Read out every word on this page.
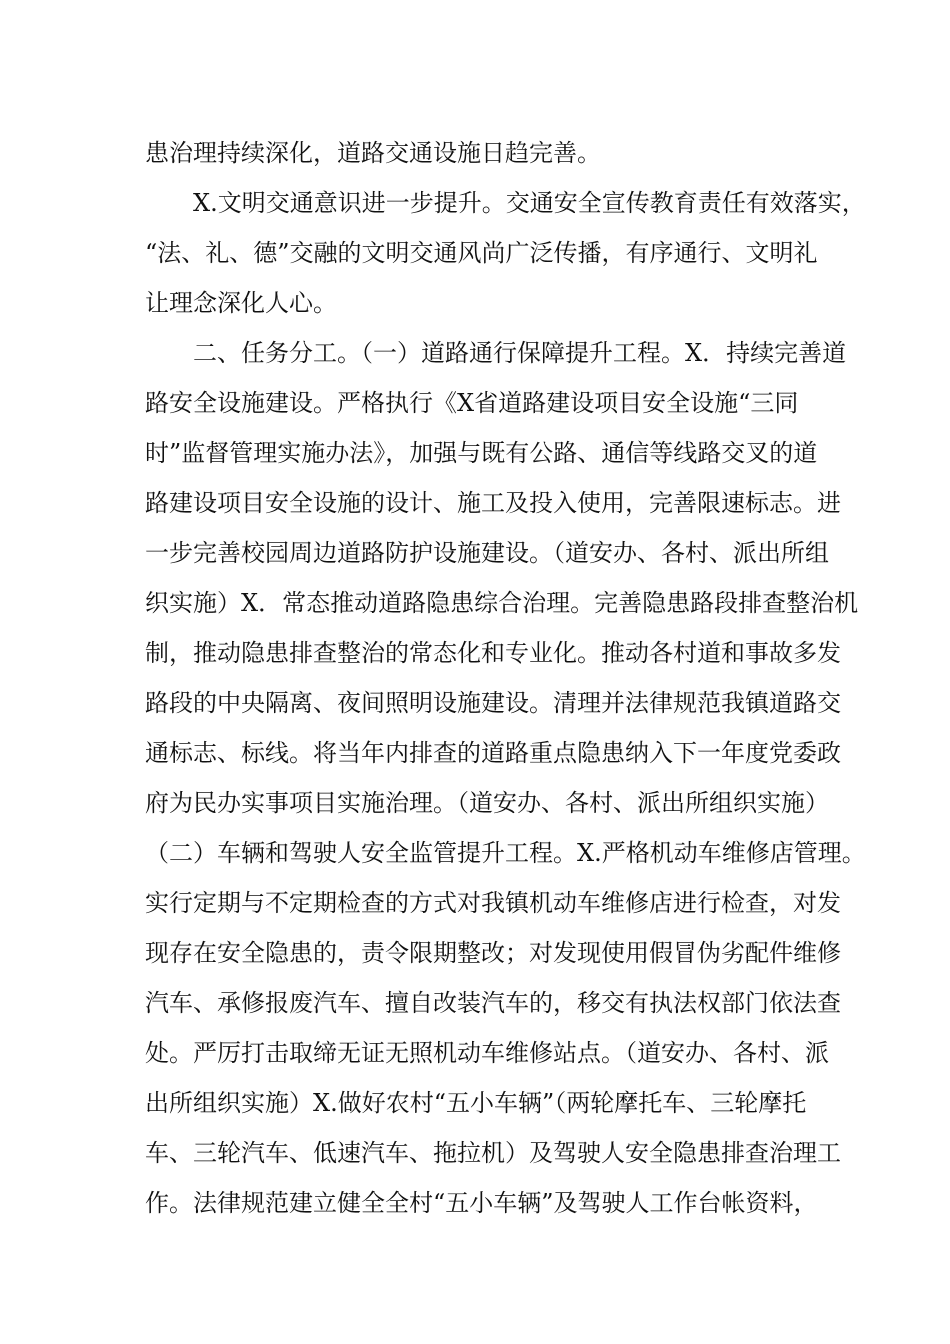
患治理持续深化，道路交通设施日趋完善。
X.文明交通意识进一步提升。交通安全宣传教育责任有效落实，
“法、礼、德”交融的文明交通风尚广泛传播，有序通行、文明礼
让理念深化人心。
二、任务分工。（一）道路通行保障提升工程。X．持续完善道
路安全设施建设。严格执行《X省道路建设项目安全设施“三同
时”监督管理实施办法》，加强与既有公路、通信等线路交叉的道
路建设项目安全设施的设计、施工及投入使用，完善限速标志。进
一步完善校园周边道路防护设施建设。（道安办、各村、派出所组
织实施）X．常态推动道路隐患综合治理。完善隐患路段排查整治机
制，推动隐患排查整治的常态化和专业化。推动各村道和事故多发
路段的中央隔离、夜间照明设施建设。清理并法律规范我镇道路交
通标志、标线。将当年内排查的道路重点隐患纳入下一年度党委政
府为民办实事项目实施治理。（道安办、各村、派出所组织实施）
（二）车辆和驾驶人安全监管提升工程。X.严格机动车维修店管理。
实行定期与不定期检查的方式对我镇机动车维修店进行检查，对发
现存在安全隐患的，责令限期整改；对发现使用假冒伪劣配件维修
汽车、承修报废汽车、擅自改装汽车的，移交有执法权部门依法查
处。严厉打击取缔无证无照机动车维修站点。（道安办、各村、派
出所组织实施）X.做好农村“五小车辆”（两轮摩托车、三轮摩托
车、三轮汽车、低速汽车、拖拉机）及驾驶人安全隐患排查治理工
作。法律规范建立健全全村“五小车辆”及驾驶人工作台帐资料，
